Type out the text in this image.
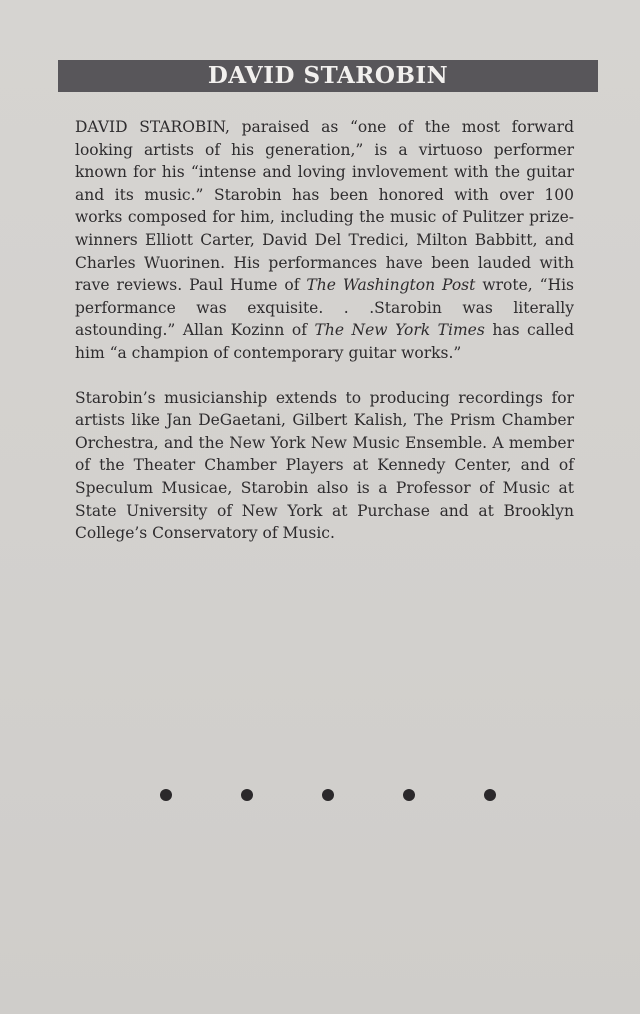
DAVID STAROBIN

DAVID STAROBIN, paraised as “one of the most forward looking artists of his generation,” is a virtuoso performer known for his “intense and loving invlovement with the guitar and its music.” Starobin has been honored with over 100 works composed for him, including the music of Pulitzer prize-winners Elliott Carter, David Del Tredici, Milton Babbitt, and Charles Wuorinen. His performances have been lauded with rave reviews. Paul Hume of The Washington Post wrote, “His performance was exquisite. . .Starobin was literally astounding.” Allan Kozinn of The New York Times has called him “a champion of contemporary guitar works.”

Starobin’s musicianship extends to producing recordings for artists like Jan DeGaetani, Gilbert Kalish, The Prism Chamber Orchestra, and the New York New Music Ensemble. A member of the Theater Chamber Players at Kennedy Center, and of Speculum Musicae, Starobin also is a Professor of Music at State University of New York at Purchase and at Brooklyn College’s Conservatory of Music.
